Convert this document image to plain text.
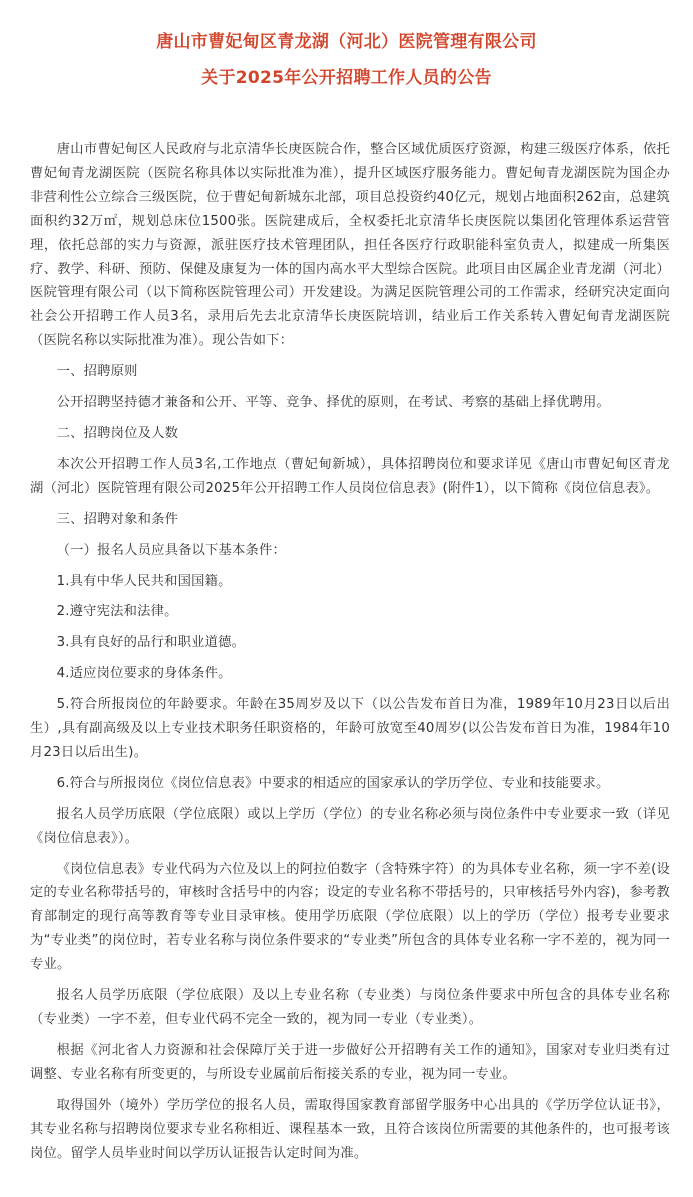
唐山市曹妃甸区青龙湖（河北）医院管理有限公司
关于2025年公开招聘工作人员的公告

唐山市曹妃甸区人民政府与北京清华长庚医院合作，整合区域优质医疗资源，构建三级医疗体系，依托曹妃甸青龙湖医院（医院名称具体以实际批准为准），提升区域医疗服务能力。曹妃甸青龙湖医院为国企办非营利性公立综合三级医院，位于曹妃甸新城东北部，项目总投资约40亿元，规划占地面积262亩，总建筑面积约32万㎡，规划总床位1500张。医院建成后，全权委托北京清华长庚医院以集团化管理体系运营管理，依托总部的实力与资源，派驻医疗技术管理团队，担任各医疗行政职能科室负责人，拟建成一所集医疗、教学、科研、预防、保健及康复为一体的国内高水平大型综合医院。此项目由区属企业青龙湖（河北）医院管理有限公司（以下简称医院管理公司）开发建设。为满足医院管理公司的工作需求，经研究决定面向社会公开招聘工作人员3名，录用后先去北京清华长庚医院培训，结业后工作关系转入曹妃甸青龙湖医院（医院名称以实际批准为准）。现公告如下：

一、招聘原则

公开招聘坚持德才兼备和公开、平等、竞争、择优的原则，在考试、考察的基础上择优聘用。

二、招聘岗位及人数

本次公开招聘工作人员3名,工作地点（曹妃甸新城），具体招聘岗位和要求详见《唐山市曹妃甸区青龙湖（河北）医院管理有限公司2025年公开招聘工作人员岗位信息表》(附件1），以下简称《岗位信息表》。

三、招聘对象和条件

（一）报名人员应具备以下基本条件：

1.具有中华人民共和国国籍。

2.遵守宪法和法律。

3.具有良好的品行和职业道德。

4.适应岗位要求的身体条件。

5.符合所报岗位的年龄要求。年龄在35周岁及以下（以公告发布首日为准，1989年10月23日以后出生）,具有副高级及以上专业技术职务任职资格的，年龄可放宽至40周岁(以公告发布首日为准，1984年10月23日以后出生)。

6.符合与所报岗位《岗位信息表》中要求的相适应的国家承认的学历学位、专业和技能要求。

报名人员学历底限（学位底限）或以上学历（学位）的专业名称必须与岗位条件中专业要求一致（详见《岗位信息表》）。

《岗位信息表》专业代码为六位及以上的阿拉伯数字（含特殊字符）的为具体专业名称，须一字不差(设定的专业名称带括号的，审核时含括号中的内容；设定的专业名称不带括号的，只审核括号外内容)，参考教育部制定的现行高等教育等专业目录审核。使用学历底限（学位底限）以上的学历（学位）报考专业要求为“专业类”的岗位时，若专业名称与岗位条件要求的“专业类”所包含的具体专业名称一字不差的，视为同一专业。

报名人员学历底限（学位底限）及以上专业名称（专业类）与岗位条件要求中所包含的具体专业名称（专业类）一字不差，但专业代码不完全一致的，视为同一专业（专业类）。

根据《河北省人力资源和社会保障厅关于进一步做好公开招聘有关工作的通知》，国家对专业归类有过调整、专业名称有所变更的，与所设专业属前后衔接关系的专业，视为同一专业。

取得国外（境外）学历学位的报名人员，需取得国家教育部留学服务中心出具的《学历学位认证书》，其专业名称与招聘岗位要求专业名称相近、课程基本一致，且符合该岗位所需要的其他条件的，也可报考该岗位。留学人员毕业时间以学历认证报告认定时间为准。
